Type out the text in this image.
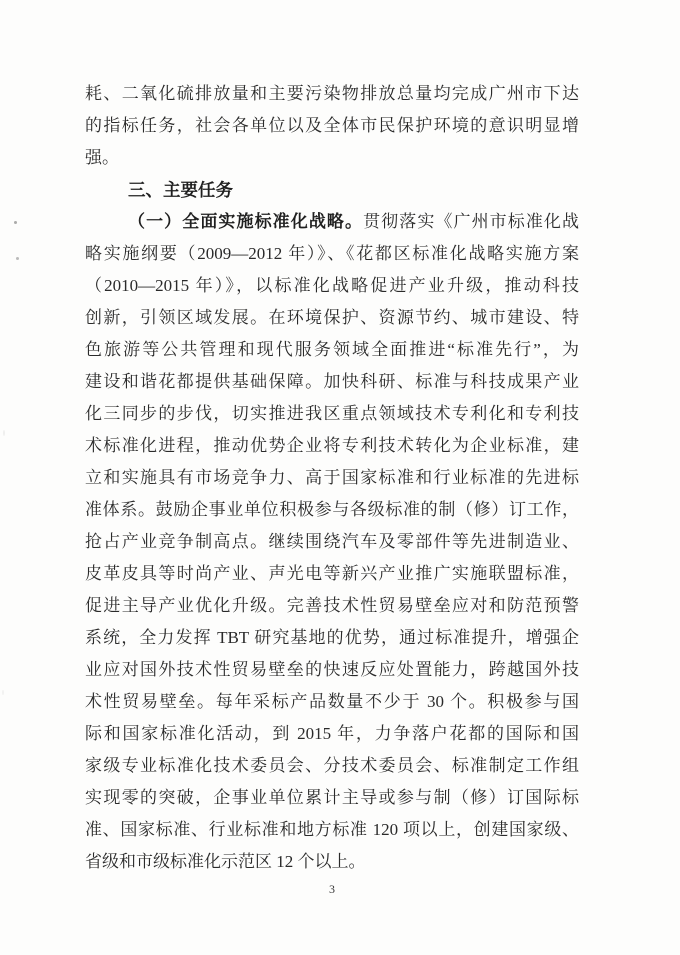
耗、二氧化硫排放量和主要污染物排放总量均完成广州市下达
的指标任务，社会各单位以及全体市民保护环境的意识明显增
强。
三、主要任务
（一）全面实施标准化战略。贯彻落实《广州市标准化战
略实施纲要（2009—2012 年）》、《花都区标准化战略实施方案
（2010—2015 年）》，以标准化战略促进产业升级，推动科技
创新，引领区域发展。在环境保护、资源节约、城市建设、特
色旅游等公共管理和现代服务领域全面推进“标准先行”，为
建设和谐花都提供基础保障。加快科研、标准与科技成果产业
化三同步的步伐，切实推进我区重点领域技术专利化和专利技
术标准化进程，推动优势企业将专利技术转化为企业标准，建
立和实施具有市场竞争力、高于国家标准和行业标准的先进标
准体系。鼓励企事业单位积极参与各级标准的制（修）订工作，
抢占产业竞争制高点。继续围绕汽车及零部件等先进制造业、
皮革皮具等时尚产业、声光电等新兴产业推广实施联盟标准，
促进主导产业优化升级。完善技术性贸易壁垒应对和防范预警
系统，全力发挥 TBT 研究基地的优势，通过标准提升，增强企
业应对国外技术性贸易壁垒的快速反应处置能力，跨越国外技
术性贸易壁垒。每年采标产品数量不少于 30 个。积极参与国
际和国家标准化活动，到 2015 年，力争落户花都的国际和国
家级专业标准化技术委员会、分技术委员会、标准制定工作组
实现零的突破，企事业单位累计主导或参与制（修）订国际标
准、国家标准、行业标准和地方标准 120 项以上，创建国家级、
省级和市级标准化示范区 12 个以上。
3
